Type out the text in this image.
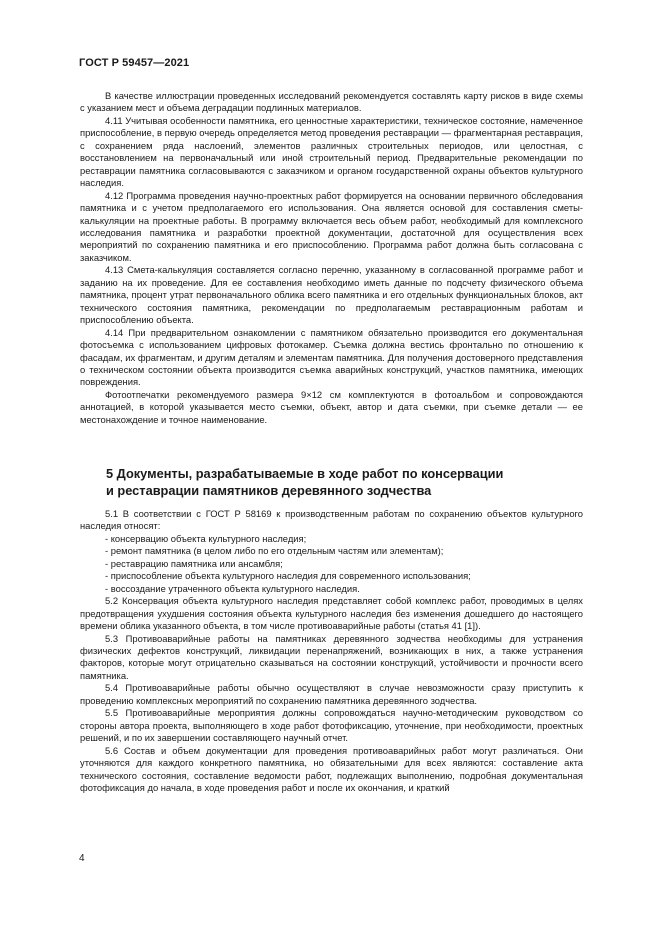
ГОСТ Р 59457—2021

В качестве иллюстрации проведенных исследований рекомендуется составлять карту рисков в виде схемы с указанием мест и объема деградации подлинных материалов.

4.11 Учитывая особенности памятника, его ценностные характеристики, техническое состояние, намеченное приспособление, в первую очередь определяется метод проведения реставрации — фрагментарная реставрация, с сохранением ряда наслоений, элементов различных строительных периодов, или целостная, с восстановлением на первоначальный или иной строительный период. Предварительные рекомендации по реставрации памятника согласовываются с заказчиком и органом государственной охраны объектов культурного наследия.

4.12 Программа проведения научно-проектных работ формируется на основании первичного обследования памятника и с учетом предполагаемого его использования. Она является основой для составления сметы-калькуляции на проектные работы. В программу включается весь объем работ, необходимый для комплексного исследования памятника и разработки проектной документации, достаточной для осуществления всех мероприятий по сохранению памятника и его приспособлению. Программа работ должна быть согласована с заказчиком.

4.13 Смета-калькуляция составляется согласно перечню, указанному в согласованной программе работ и заданию на их проведение. Для ее составления необходимо иметь данные по подсчету физического объема памятника, процент утрат первоначального облика всего памятника и его отдельных функциональных блоков, акт технического состояния памятника, рекомендации по предполагаемым реставрационным работам и приспособлению объекта.

4.14 При предварительном ознакомлении с памятником обязательно производится его документальная фотосъемка с использованием цифровых фотокамер. Съемка должна вестись фронтально по отношению к фасадам, их фрагментам, и другим деталям и элементам памятника. Для получения достоверного представления о техническом состоянии объекта производится съемка аварийных конструкций, участков памятника, имеющих повреждения.

Фотоотпечатки рекомендуемого размера 9×12 см комплектуются в фотоальбом и сопровождаются аннотацией, в которой указывается место съемки, объект, автор и дата съемки, при съемке детали — ее местонахождение и точное наименование.

5 Документы, разрабатываемые в ходе работ по консервации
и реставрации памятников деревянного зодчества

5.1 В соответствии с ГОСТ Р 58169 к производственным работам по сохранению объектов культурного наследия относят:

- консервацию объекта культурного наследия;

- ремонт памятника (в целом либо по его отдельным частям или элементам);

- реставрацию памятника или ансамбля;

- приспособление объекта культурного наследия для современного использования;

- воссоздание утраченного объекта культурного наследия.

5.2 Консервация объекта культурного наследия представляет собой комплекс работ, проводимых в целях предотвращения ухудшения состояния объекта культурного наследия без изменения дошедшего до настоящего времени облика указанного объекта, в том числе противоаварийные работы (статья 41 [1]).

5.3 Противоаварийные работы на памятниках деревянного зодчества необходимы для устранения физических дефектов конструкций, ликвидации перенапряжений, возникающих в них, а также устранения факторов, которые могут отрицательно сказываться на состоянии конструкций, устойчивости и прочности всего памятника.

5.4 Противоаварийные работы обычно осуществляют в случае невозможности сразу приступить к проведению комплексных мероприятий по сохранению памятника деревянного зодчества.

5.5 Противоаварийные мероприятия должны сопровождаться научно-методическим руководством со стороны автора проекта, выполняющего в ходе работ фотофиксацию, уточнение, при необходимости, проектных решений, и по их завершении составляющего научный отчет.

5.6 Состав и объем документации для проведения противоаварийных работ могут различаться. Они уточняются для каждого конкретного памятника, но обязательными для всех являются: составление акта технического состояния, составление ведомости работ, подлежащих выполнению, подробная документальная фотофиксация до начала, в ходе проведения работ и после их окончания, и краткий

4
